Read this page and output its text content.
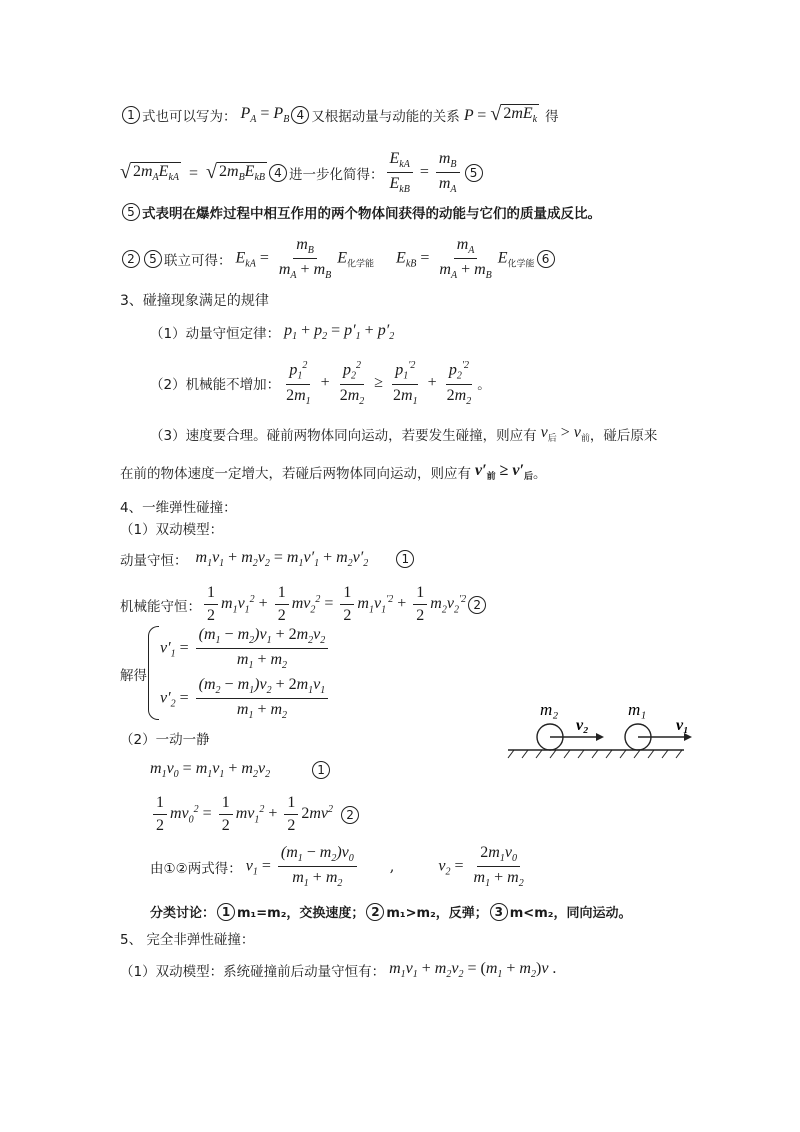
1 式也可以写为： $P_A = P_B$ 4 又根据动量与动能的关系 P = √ $2mE_k$ 得
√ $2m_AE_{kA}$ = √ $2m_BE_{kB}$ 4 进一步化简得： $\frac{E_{kA}}{E_{kB}} = \frac{m_B}{m_A} 5$
5 式表明在 爆炸过程中相互作用的两个物体间获得的动能与它们的质量成反比。
2	5 联立可得： $E_{kA} = \frac{m_B}{m_A + m_B} E_{化学能}$ $E_{kB} = \frac{m_A}{m_A + m_B} E_{化学能}$ 6
3、碰撞现象满足的规律
（1）动量守恒定律： $p_1 + p_2 = p'_1 + p'_2$
（2）机械能不增加： $\frac{p_1^2}{2m_1} + \frac{p_2^2}{2m_2} \ge \frac{p_1^{'2}}{2m_1} + \frac{p_2^{'2}}{2m_2}$ 。
（3）速度要合理。碰前两物体同向运动，若要发生碰撞，则应有 $v_后 > v_前$ ，碰后原来
在前的物体速度一定增大，若碰后两物体同向运动，则应有 $v'_前 \ge v'_后$ 。
4、一维弹性碰撞：
（1）双动模型：
动量守恒： $m_1v_1 + m_2v_2 = m_1v'_1 + m_2v'_2$	1
机械能守恒： $\frac{1}{2} m_1v_1^2 + \frac{1}{2} mv_2^2 = \frac{1}{2} m_1v_1^{'2} + \frac{1}{2} m_2v_2^{'2}$ 2
解得
$v'_1 = \frac{(m_1 - m_2)v_1 + 2m_2v_2}{m_1 + m_2}$
$v'_2 = \frac{(m_2 - m_1)v_2 + 2m_1v_1}{m_1 + m_2}$	m₂
v₂
m₁
v₁
（2）一动一静
$m_1v_0 = m_1v_1 + m_2v_2$	1
$\frac{1}{2} mv_0^2 = \frac{1}{2} mv_1^2 + \frac{1}{2} 2mv^2$	2
由①②两式得： $v_1 = \frac{(m_1 - m_2)v_0}{m_1 + m_2}$ ,	$v_2 = \frac{2m_1v_0}{m_1 + m_2}$
分类讨论： 1 m₁=m₂，交换速度； 2 m₁>m₂，反弹； 3 m<m₂，同向运动。
5、 完全非弹性碰撞：
（1）双动模型：系统碰撞前后动量守恒有： $m_1v_1 + m_2v_2 = (m_1 + m_2)v$ .
